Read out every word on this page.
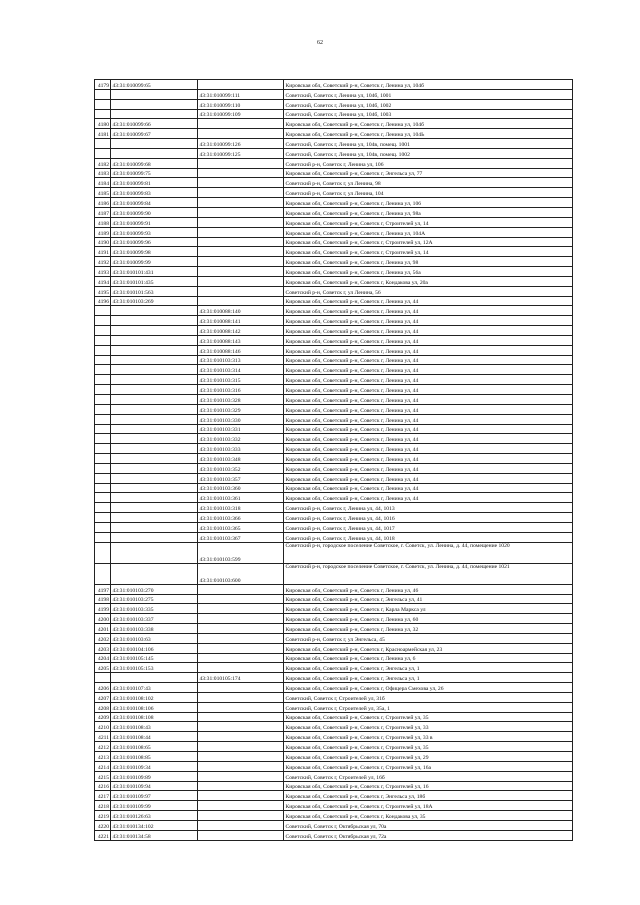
62
4179	43:31:010099:65		Кировская обл, Советский р-н, Советск г, Ленина ул, 104б
		43:31:010099:111	Советский, Советск г, Ленина ул, 104б, 1001
		43:31:010099:110	Советский, Советск г, Ленина ул, 104б, 1002
		43:31:010099:109	Советский, Советск г, Ленина ул, 104б, 1003
4180	43:31:010099:66		Кировская обл, Советский р-н, Советск г, Ленина ул, 104б
4181	43:31:010099:67		Кировская обл, Советский р-н, Советск г, Ленина ул, 104Ь
		43:31:010099:126	Советский, Советск г, Ленина ул, 104в, помещ. 1001
		43:31:010099:125	Советский, Советск г, Ленина ул, 104в, помещ. 1002
4182	43:31:010099:68		Советский р-н, Советск г, Ленина ул, 106
4183	43:31:010099:75		Кировская обл, Советский р-н, Советск г, Энгельса ул, 77
4184	43:31:010099:81		Советский р-н, Советск г, ул Ленина, 98
4185	43:31:010099:83		Советский р-н, Советск г, ул Ленина, 104
4186	43:31:010099:84		Кировская обл, Советский р-н, Советск г, Ленина ул, 106
4187	43:31:010099:90		Кировская обл, Советский р-н, Советск г, Ленина ул, 98а
4188	43:31:010099:91		Кировская обл, Советский р-н, Советск г, Строителей ул, 14
4189	43:31:010099:93		Кировская обл, Советский р-н, Советск г, Ленина ул, 104А
4190	43:31:010099:96		Кировская обл, Советский р-н, Советск г, Строителей ул, 12А
4191	43:31:010099:98		Кировская обл, Советский р-н, Советск г, Строителей ул, 14
4192	43:31:010099:99		Кировская обл, Советский р-н, Советск г, Ленина ул, 98
4193	43:31:010101:431		Кировская обл, Советский р-н, Советск г, Ленина ул, 56а
4194	43:31:010101:435		Кировская обл, Советский р-н, Советск г, Кондакова ул, 20а
4195	43:31:010101:563		Советский р-н, Советск г, ул Ленина, 56
4196	43:31:010103:269		Кировская обл, Советский р-н, Советск г, Ленина ул, 44
		43:31:010088:140	Кировская обл, Советский р-н, Советск г, Ленина ул, 44
		43:31:010088:141	Кировская обл, Советский р-н, Советск г, Ленина ул, 44
		43:31:010088:142	Кировская обл, Советский р-н, Советск г, Ленина ул, 44
		43:31:010088:143	Кировская обл, Советский р-н, Советск г, Ленина ул, 44
		43:31:010088:146	Кировская обл, Советский р-н, Советск г, Ленина ул, 44
		43:31:010103:313	Кировская обл, Советский р-н, Советск г, Ленина ул, 44
		43:31:010103:314	Кировская обл, Советский р-н, Советск г, Ленина ул, 44
		43:31:010103:315	Кировская обл, Советский р-н, Советск г, Ленина ул, 44
		43:31:010103:316	Кировская обл, Советский р-н, Советск г, Ленина ул, 44
		43:31:010103:328	Кировская обл, Советский р-н, Советск г, Ленина ул, 44
		43:31:010103:329	Кировская обл, Советский р-н, Советск г, Ленина ул, 44
		43:31:010103:330	Кировская обл, Советский р-н, Советск г, Ленина ул, 44
		43:31:010103:331	Кировская обл, Советский р-н, Советск г, Ленина ул, 44
		43:31:010103:332	Кировская обл, Советский р-н, Советск г, Ленина ул, 44
		43:31:010103:333	Кировская обл, Советский р-н, Советск г, Ленина ул, 44
		43:31:010103:348	Кировская обл, Советский р-н, Советск г, Ленина ул, 44
		43:31:010103:352	Кировская обл, Советский р-н, Советск г, Ленина ул, 44
		43:31:010103:357	Кировская обл, Советский р-н, Советск г, Ленина ул, 44
		43:31:010103:360	Кировская обл, Советский р-н, Советск г, Ленина ул, 44
		43:31:010103:361	Кировская обл, Советский р-н, Советск г, Ленина ул, 44
		43:31:010103:318	Советский р-н, Советск г, Ленина ул, 44, 1013
		43:31:010103:366	Советский р-н, Советск г, Ленина ул, 44, 1016
		43:31:010103:365	Советский р-н, Советск г, Ленина ул, 44, 1017
		43:31:010103:367	Советский р-н, Советск г, Ленина ул, 44, 1018
		43:31:010103:599	Советский р-н, городское поселение Советское, г. Советск, ул. Ленина, д. 44, помещение 1020
		43:31:010103:600	Советский р-н, городское поселение Советское, г. Советск, ул. Ленина, д. 44, помещение 1021
4197	43:31:010103:270		Кировская обл, Советский р-н, Советск г, Ленина ул, 46
4198	43:31:010103:275		Кировская обл, Советский р-н, Советск г, Энгельса ул, 41
4199	43:31:010103:335		Кировская обл, Советский р-н, Советск г, Карла Маркса ул
4200	43:31:010103:337		Кировская обл, Советский р-н, Советск г, Ленина ул, 60
4201	43:31:010103:338		Кировская обл, Советский р-н, Советск г, Ленина ул, 32
4202	43:31:010103:63		Советский р-н, Советск г, ул Энгельса, 45
4203	43:31:010104:106		Кировская обл, Советский р-н, Советск г, Красноармейская ул, 23
4204	43:31:010105:145		Кировская обл, Советский р-н, Советск г, Ленина ул, 6
4205	43:31:010105:153		Кировская обл, Советский р-н, Советск г, Энгельса ул, 1
		43:31:010105:174	Кировская обл, Советский р-н, Советск г, Энгельса ул, 1
4206	43:31:010107:43		Кировская обл, Советский р-н, Советск г, Офицера Смехова ул, 26
4207	43:31:010108:102		Советский, Советск г, Строителей ул, 31б
4208	43:31:010108:106		Советский, Советск г, Строителей ул, 35а, 1
4209	43:31:010108:108		Кировская обл, Советский р-н, Советск г, Строителей ул, 35
4210	43:31:010108:43		Кировская обл, Советский р-н, Советск г, Строителей ул, 33
4211	43:31:010108:44		Кировская обл, Советский р-н, Советск г, Строителей ул, 33 в
4212	43:31:010108:65		Кировская обл, Советский р-н, Советск г, Строителей ул, 35
4213	43:31:010108:85		Кировская обл, Советский р-н, Советск г, Строителей ул, 29
4214	43:31:010109:34		Кировская обл, Советский р-н, Советск г, Строителей ул, 16а
4215	43:31:010109:89		Советский, Советск г, Строителей ул, 16б
4216	43:31:010109:94		Кировская обл, Советский р-н, Советск г, Строителей ул, 16
4217	43:31:010109:97		Кировская обл, Советский р-н, Советск г, Энгельса ул, 18б
4218	43:31:010109:99		Кировская обл, Советский р-н, Советск г, Строителей ул, 18А
4219	43:31:010126:63		Кировская обл, Советский р-н, Советск г, Кондакова ул, 35
4220	43:31:010134:102		Советский, Советск г, Октябрьская ул, 70а
4221	43:31:010134:58		Советский, Советск г, Октябрьская ул, 72а
